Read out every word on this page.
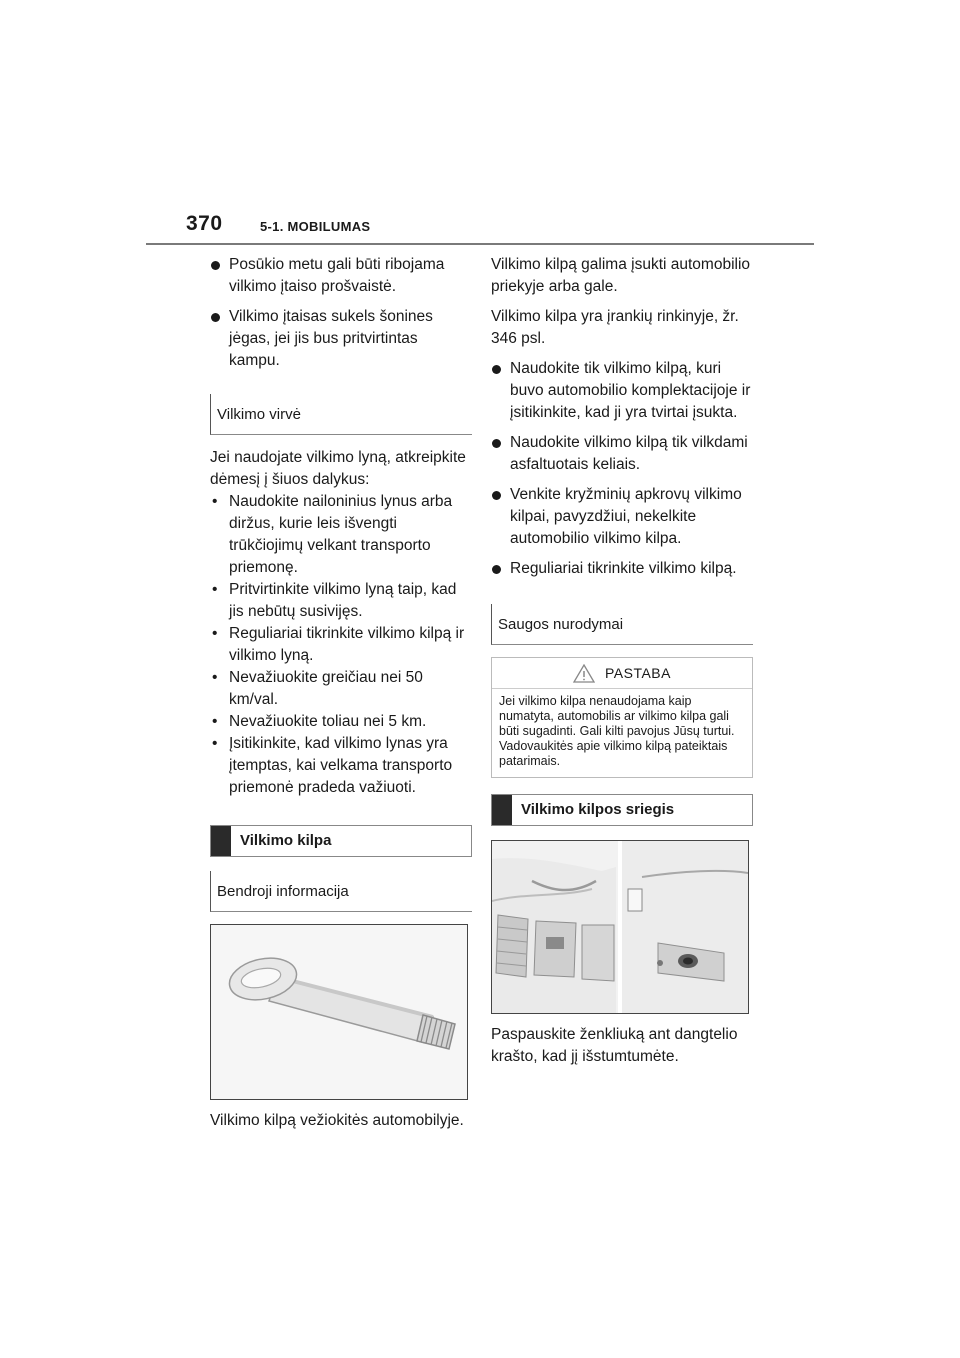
370	5-1. MOBILUMAS
Posūkio metu gali būti ribojama vilkimo įtaiso prošvaistė.
Vilkimo įtaisas sukels šonines jėgas, jei jis bus pritvirtintas kampu.
Vilkimo virvė
Jei naudojate vilkimo lyną, atkreipkite dėmesį į šiuos dalykus:
• Naudokite nailoninius lynus arba diržus, kurie leis išvengti trūkčiojimų velkant transporto priemonę.
• Pritvirtinkite vilkimo lyną taip, kad jis nebūtų susivijęs.
• Reguliariai tikrinkite vilkimo kilpą ir vilkimo lyną.
• Nevažiuokite greičiau nei 50 km/val.
• Nevažiuokite toliau nei 5 km.
• Įsitikinkite, kad vilkimo lynas yra įtemptas, kai velkama transporto priemonė pradeda važiuoti.
Vilkimo kilpa
Bendroji informacija
Vilkimo kilpą vežiokitės automobilyje.
Vilkimo kilpą galima įsukti automobilio priekyje arba gale.
Vilkimo kilpa yra įrankių rinkinyje, žr. 346 psl.
Naudokite tik vilkimo kilpą, kuri buvo automobilio komplektacijoje ir įsitikinkite, kad ji yra tvirtai įsukta.
Naudokite vilkimo kilpą tik vilkdami asfaltuotais keliais.
Venkite kryžminių apkrovų vilkimo kilpai, pavyzdžiui, nekelkite automobilio vilkimo kilpa.
Reguliariai tikrinkite vilkimo kilpą.
Saugos nurodymai
PASTABA
Jei vilkimo kilpa nenaudojama kaip numatyta, automobilis ar vilkimo kilpa gali būti sugadinti. Gali kilti pavojus Jūsų turtui. Vadovaukitės apie vilkimo kilpą pateiktais patarimais.
Vilkimo kilpos sriegis
Paspauskite ženkliuką ant dangtelio krašto, kad jį išstumtumėte.
